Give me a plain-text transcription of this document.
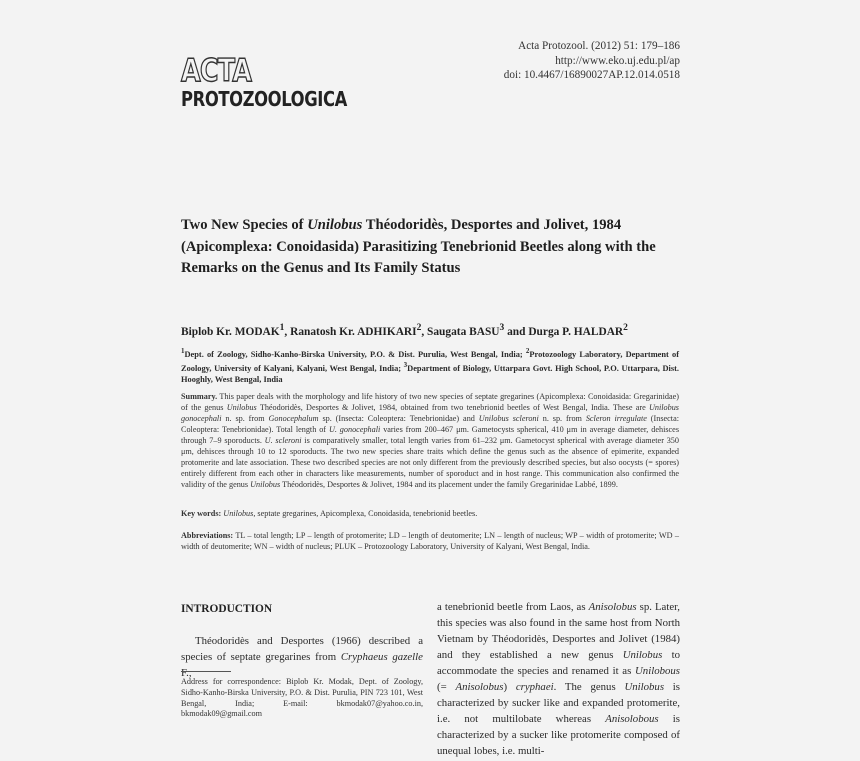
ACTA
PROTOZOOLOGICA
Acta Protozool. (2012) 51: 179–186
http://www.eko.uj.edu.pl/ap
doi: 10.4467/16890027AP.12.014.0518
Two New Species of Unilobus Théodoridès, Desportes and Jolivet, 1984 (Apicomplexa: Conoidasida) Parasitizing Tenebrionid Beetles along with the Remarks on the Genus and Its Family Status
Biplob Kr. MODAK$^1$, Ranatosh Kr. ADHIKARI$^2$, Saugata BASU$^3$ and Durga P. HALDAR$^2$
$^1$Dept. of Zoology, Sidho-Kanho-Birska University, P.O. & Dist. Purulia, West Bengal, India; $^2$Protozoology Laboratory, Department of Zoology, University of Kalyani, Kalyani, West Bengal, India; $^3$Department of Biology, Uttarpara Govt. High School, P.O. Uttarpara, Dist. Hooghly, West Bengal, India
Summary. This paper deals with the morphology and life history of two new species of septate gregarines (Apicomplexa: Conoidasida: Gregarinidae) of the genus Unilobus Théodoridès, Desportes & Jolivet, 1984, obtained from two tenebrionid beetles of West Bengal, India. These are Unilobus gonocephali n. sp. from Gonocephalum sp. (Insecta: Coleoptera: Tenebrionidae) and Unilobus scleroni n. sp. from Scleron irregulate (Insecta: Coleoptera: Tenebrionidae). Total length of U. gonocephali varies from 200–467 μm. Gametocysts spherical, 410 μm in average diameter, dehisces through 7–9 sporoducts. U. scleroni is comparatively smaller, total length varies from 61–232 μm. Gametocyst spherical with average diameter 350 μm, dehisces through 10 to 12 sporoducts. The two new species share traits which define the genus such as the absence of epimerite, expanded protomerite and late association. These two described species are not only different from the previously described species, but also oocysts (= spores) entirely different from each other in characters like measurements, number of sporoduct and in host range. This communication also confirmed the validity of the genus Unilobus Théodoridès, Desportes & Jolivet, 1984 and its placement under the family Gregarinidae Labbé, 1899.
Key words: Unilobus, septate gregarines, Apicomplexa, Conoidasida, tenebrionid beetles.
Abbreviations: TL – total length; LP – length of protomerite; LD – length of deutomerite; LN – length of nucleus; WP – width of protomerite; WD – width of deutomerite; WN – width of nucleus; PLUK – Protozoology Laboratory, University of Kalyani, West Bengal, India.
INTRODUCTION
Théodoridès and Desportes (1966) described a species of septate gregarines from Cryphaeus gazelle F.,
Address for correspondence: Biplob Kr. Modak, Dept. of Zoology, Sidho-Kanho-Birska University, P.O. & Dist. Purulia, PIN 723 101, West Bengal, India; E-mail: bkmodak07@yahoo.co.in, bkmodak09@gmail.com
a tenebrionid beetle from Laos, as Anisolobus sp. Later, this species was also found in the same host from North Vietnam by Théodoridès, Desportes and Jolivet (1984) and they established a new genus Unilobus to accommodate the species and renamed it as Unilobous (= Anisolobus) cryphaei. The genus Unilobus is characterized by sucker like and expanded protomerite, i.e. not multilobate whereas Anisolobous is characterized by a sucker like protomerite composed of unequal lobes, i.e. multi-
